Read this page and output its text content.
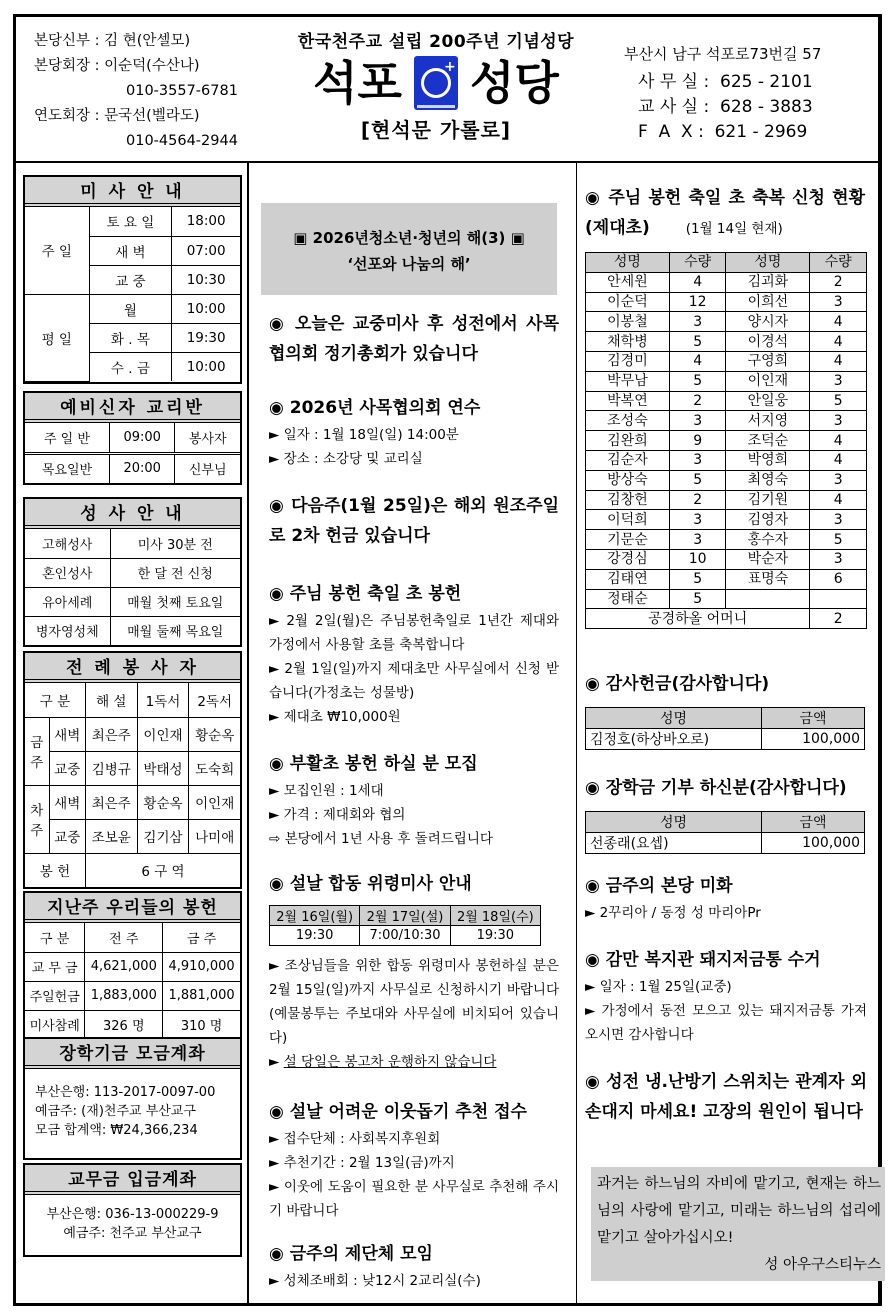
본당신부 : 김 현(안셀모)
본당회장 : 이순덕(수산나)
010-3557-6781
연도회장 : 문국선(벨라도)
010-4564-2944
한국천주교 설립 200주년 기념성당
석포	+ 성당
[현석문 가롤로]
부산시 남구 석포로73번길 57
사 무 실 :  625 - 2101
교 사 실 :  628 - 3883
F  A  X :  621 - 2969
미 사 안 내
주 일	토 요 일	18:00
	새 벽	07:00
	교 중	10:30
평 일	월	10:00
	화 . 목	19:30
	수 . 금	10:00
예비신자 교리반
주 일 반	09:00	봉사자
목요일반	20:00	신부님
성 사 안 내
고해성사	미사 30분 전
혼인성사	한 달 전 신청
유아세례	매월 첫째 토요일
병자영성체	매월 둘째 목요일
전 례 봉 사 자
구 분		해 설	1독서	2독서
금주	새벽	최은주	이인재	황순옥
	교중	김병규	박태성	도숙희
차주	새벽	최은주	황순옥	이인재
	교중	조보윤	김기삼	나미애
봉 헌		6 구 역		
지난주 우리들의 봉헌
구 분	전 주	금 주
교 무 금	4,621,000	4,910,000
주일헌금	1,883,000	1,881,000
미사참례	326 명	310 명
장학기금 모금계좌
부산은행: 113-2017-0097-00
예금주: (재)천주교 부산교구
모금 합계액: ₩24,366,234
교무금 입금계좌
부산은행: 036-13-000229-9
예금주: 천주교 부산교구
▣ 2026년청소년·청년의 해(3) ▣
‘선포와 나눔의 해’
◉ 오늘은 교중미사 후 성전에서 사목협의회 정기총회가 있습니다
◉ 2026년 사목협의회 연수

► 일자 : 1월 18일(일) 14:00분

► 장소 : 소강당 및 교리실

◉ 다음주(1월 25일)은 해외 원조주일로 2차 헌금 있습니다
◉ 주님 봉헌 축일 초 봉헌

► 2월 2일(월)은 주님봉헌축일로 1년간 제대와 가정에서 사용할 초를 축복합니다

► 2월 1일(일)까지 제대초만 사무실에서 신청 받습니다(가정초는 성물방)

► 제대초 ₩10,000원

◉ 부활초 봉헌 하실 분 모집

► 모집인원 : 1세대

► 가격 : 제대회와 협의

⇨ 본당에서 1년 사용 후 돌려드립니다

◉ 설날 합동 위령미사 안내
2월 16일(월)	2월 17일(설)	2월 18일(수)
19:30	7:00/10:30	19:30

► 조상님들을 위한 합동 위령미사 봉헌하실 분은 2월 15일(일)까지 사무실로 신청하시기 바랍니다(예물봉투는 주보대와 사무실에 비치되어 있습니다)

► 설 당일은 봉고차 운행하지 않습니다

◉ 설날 어려운 이웃돕기 추천 접수

► 접수단체 : 사회복지후원회

► 추천기간 : 2월 13일(금)까지

► 이웃에 도움이 필요한 분 사무실로 추천해 주시기 바랍니다

◉ 금주의 제단체 모임

► 성체조배회 : 낮12시 2교리실(수)

◉ 주님 봉헌 축일 초 축복 신청 현황(제대초)	(1월 14일 현재)
성명	수량	성명	수량
안세원	4	김괴화	2
이순덕	12	이희선	3
이봉철	3	양시자	4
채학병	5	이경석	4
김경미	4	구영희	4
박무남	5	이인재	3
박복연	2	안일웅	5
조성숙	3	서지영	3
김완희	9	조덕순	4
김순자	3	박영희	4
방상숙	5	최영숙	3
김창헌	2	김기원	4
이덕희	3	김영자	3
기문순	3	홍수자	5
강경심	10	박순자	3
김태연	5	표명숙	6
정태순	5		
공경하올 어머니			2
◉ 감사헌금(감사합니다)
성명	금액
김정호(하상바오로)	100,000
◉ 장학금 기부 하신분(감사합니다)
성명	금액
선종래(요셉)	100,000
◉ 금주의 본당 미화

► 2꾸리아 / 동정 성 마리아Pr

◉ 감만 복지관 돼지저금통 수거

► 일자 : 1월 25일(교중)

► 가정에서 동전 모으고 있는 돼지저금통 가져오시면 감사합니다

◉ 성전 냉.난방기 스위치는 관계자 외 손대지 마세요! 고장의 원인이 됩니다
과거는 하느님의 자비에 맡기고, 현재는 하느님의 사랑에 맡기고, 미래는 하느님의 섭리에 맡기고 살아가십시오!
성 아우구스티누스
